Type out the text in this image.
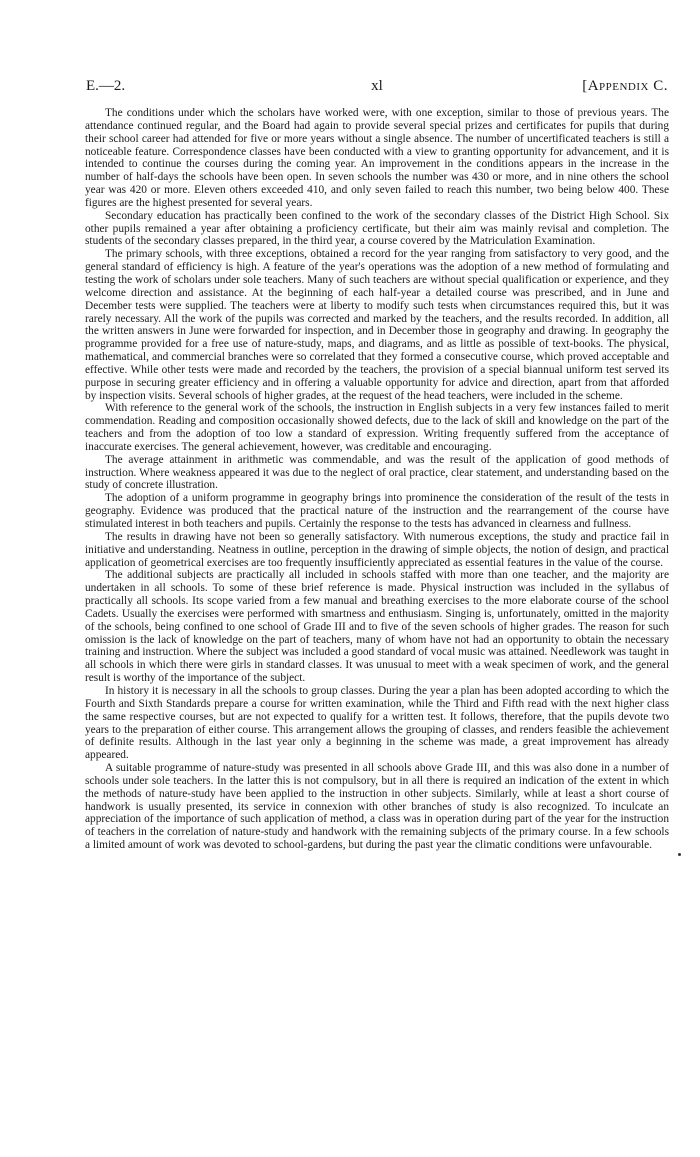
E.—2.	xl	[Appendix C.

The conditions under which the scholars have worked were, with one exception, similar to those of previous years. The attendance continued regular, and the Board had again to provide several special prizes and certificates for pupils that during their school career had attended for five or more years without a single absence. The number of uncertificated teachers is still a noticeable feature. Correspondence classes have been conducted with a view to granting opportunity for advancement, and it is intended to continue the courses during the coming year. An improvement in the conditions appears in the increase in the number of half-days the schools have been open. In seven schools the number was 430 or more, and in nine others the school year was 420 or more. Eleven others exceeded 410, and only seven failed to reach this number, two being below 400. These figures are the highest presented for several years.

Secondary education has practically been confined to the work of the secondary classes of the District High School. Six other pupils remained a year after obtaining a proficiency certificate, but their aim was mainly revisal and completion. The students of the secondary classes prepared, in the third year, a course covered by the Matriculation Examination.

The primary schools, with three exceptions, obtained a record for the year ranging from satisfactory to very good, and the general standard of efficiency is high. A feature of the year's operations was the adoption of a new method of formulating and testing the work of scholars under sole teachers. Many of such teachers are without special qualification or experience, and they welcome direction and assistance. At the beginning of each half-year a detailed course was prescribed, and in June and December tests were supplied. The teachers were at liberty to modify such tests when circumstances required this, but it was rarely necessary. All the work of the pupils was corrected and marked by the teachers, and the results recorded. In addition, all the written answers in June were forwarded for inspection, and in December those in geography and drawing. In geography the programme provided for a free use of nature-study, maps, and diagrams, and as little as possible of text-books. The physical, mathematical, and commercial branches were so correlated that they formed a consecutive course, which proved acceptable and effective. While other tests were made and recorded by the teachers, the provision of a special biannual uniform test served its purpose in securing greater efficiency and in offering a valuable opportunity for advice and direction, apart from that afforded by inspection visits. Several schools of higher grades, at the request of the head teachers, were included in the scheme.

With reference to the general work of the schools, the instruction in English subjects in a very few instances failed to merit commendation. Reading and composition occasionally showed defects, due to the lack of skill and knowledge on the part of the teachers and from the adoption of too low a standard of expression. Writing frequently suffered from the acceptance of inaccurate exercises. The general achievement, however, was creditable and encouraging.

The average attainment in arithmetic was commendable, and was the result of the application of good methods of instruction. Where weakness appeared it was due to the neglect of oral practice, clear statement, and understanding based on the study of concrete illustration.

The adoption of a uniform programme in geography brings into prominence the consideration of the result of the tests in geography. Evidence was produced that the practical nature of the instruction and the rearrangement of the course have stimulated interest in both teachers and pupils. Certainly the response to the tests has advanced in clearness and fullness.

The results in drawing have not been so generally satisfactory. With numerous exceptions, the study and practice fail in initiative and understanding. Neatness in outline, perception in the drawing of simple objects, the notion of design, and practical application of geometrical exercises are too frequently insufficiently appreciated as essential features in the value of the course.

The additional subjects are practically all included in schools staffed with more than one teacher, and the majority are undertaken in all schools. To some of these brief reference is made. Physical instruction was included in the syllabus of practically all schools. Its scope varied from a few manual and breathing exercises to the more elaborate course of the school Cadets. Usually the exercises were performed with smartness and enthusiasm. Singing is, unfortunately, omitted in the majority of the schools, being confined to one school of Grade III and to five of the seven schools of higher grades. The reason for such omission is the lack of knowledge on the part of teachers, many of whom have not had an opportunity to obtain the necessary training and instruction. Where the subject was included a good standard of vocal music was attained. Needlework was taught in all schools in which there were girls in standard classes. It was unusual to meet with a weak specimen of work, and the general result is worthy of the importance of the subject.

In history it is necessary in all the schools to group classes. During the year a plan has been adopted according to which the Fourth and Sixth Standards prepare a course for written examination, while the Third and Fifth read with the next higher class the same respective courses, but are not expected to qualify for a written test. It follows, therefore, that the pupils devote two years to the preparation of either course. This arrangement allows the grouping of classes, and renders feasible the achievement of definite results. Although in the last year only a beginning in the scheme was made, a great improvement has already appeared.

A suitable programme of nature-study was presented in all schools above Grade III, and this was also done in a number of schools under sole teachers. In the latter this is not compulsory, but in all there is required an indication of the extent in which the methods of nature-study have been applied to the instruction in other subjects. Similarly, while at least a short course of handwork is usually presented, its service in connexion with other branches of study is also recognized. To inculcate an appreciation of the importance of such application of method, a class was in operation during part of the year for the instruction of teachers in the correlation of nature-study and handwork with the remaining subjects of the primary course. In a few schools a limited amount of work was devoted to school-gardens, but during the past year the climatic conditions were unfavourable.
